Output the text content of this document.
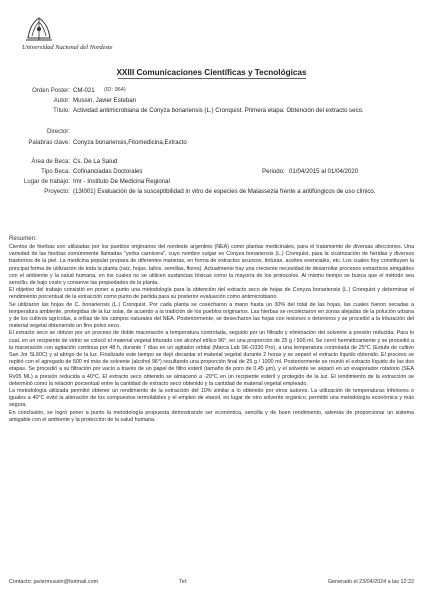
Universidad Nacional del Nordeste
XXIII Comunicaciones Científicas y Tecnológicas
Orden Poster: CM-021 (ID: 964)
Autor: Mussin, Javier Esteban
Título: Actividad antimicrobiana de Conyza bonariensis (L.) Cronquist. Primera etapa: Obtención del extracto seco.
Director:
Palabras clave: Conyza bonariensis,Fitomedicina,Extracto
Área de Beca: Cs. De La Salud
Tipo Beca: Cofinanciadas Doctorales	Periodo: 01/04/2015 al 01/04/2020
Lugar de trabajo: Imr - Instituto De Medicina Regional
Proyecto: (13I001) Evaluación de la susceptibilidad in vitro de especies de Malassezia frente a antifúngicos de uso clínico.
Resumen:

Cientos de hierbas son utilizadas por los pueblos originarios del nordeste argentino (NEA) como plantas medicinales, para el tratamiento de diversas afecciones. Una variedad de las hierbas comúnmente llamadas "yerba carnicera", cuyo nombre vulgar es Conyza bonariensis (L.) Cronquist, para la cicatrización de heridas y diversos trastornos de la piel. La medicina popular prepara de diferentes maneras, en forma de extractos acuosos, tinturas, aceites esenciales, etc. Los cuales hoy constituyen la principal forma de utilización de toda la planta (raíz, hojas, tallos, semillas, flores). Actualmente hay una creciente necesidad de desarrollar procesos extractivos amigables con el ambiente y la salud humana, en los cuales no se utilicen sustancias tóxicas como la mayoría de los protocolos. Al mismo tiempo se busca que el método sea sencillo, de bajo costo y conserve las propiedades de la planta.

El objetivo del trabajo consistió en poner a punto una metodología para la obtención del extracto seco de hojas de Conyza bonariensis (L.) Cronquist y determinar el rendimiento porcentual de la extracción como punto de partida para su posterior evaluación como antimicrobiano.

Se utilizaron las hojas de C. bonariensis (L.) Cronquist. Por cada planta se cosecharon a mano hasta un 30% del total de las hojas, las cuales fueron secadas a temperatura ambiente, protegidas de la luz solar, de acuerdo a la tradición de los pueblos originarios. Las hierbas se recolectaron en zonas alejadas de la polución urbana y de los cultivos agrícolas, a orillas de los campos naturales del NEA. Posteriormente, se desecharon las hojas con lesiones o deterioros y se procedió a la trituración del material vegetal obteniendo un fino polvo seco.

El extracto seco se obtuvo por un proceso de doble maceración a temperatura controlada, seguido por un filtrado y eliminación del solvente a presión reducida. Para lo cual, en un recipiente de vidrio se colocó el material vegetal triturado con alcohol etílico 96°, en una proporción de 25 g / 500 ml. Se cerró herméticamente y se procedió a la maceración con agitación continua por 48 h, durante 7 días en un agitador orbital (Marca Lab SK-O330 Pro), a una temperatura controlada de 25°C (Estufa de cultivo San Jor SL60C) y al abrigo de la luz. Finalizado este tiempo se dejó decantar el material vegetal durante 2 horas y se separó el extracto líquido obtenido. El proceso se repitió con el agregado de 500 ml más de solvente (alcohol 96°) resultando una proporción final de 25 g / 1000 ml. Posteriormente se reunió el extracto líquido de las dos etapas. Se procedió a su filtración por vacío a través de un papel de filtro estéril (tamaño de poro de 0,45 µm), y el solvente se separó en un evaporador rotatorio (SEA Rv05 ML) a presión reducida a 40°C. El extracto seco obtenido se almacenó a -20°C en un recipiente estéril y protegido de la luz. El rendimiento de la extracción se determinó como la relación porcentual entre la cantidad de extracto seco obtenido y la cantidad de material vegetal empleado.

La metodología utilizada permitió obtener un rendimiento de la extracción del 10% similar a lo obtenido por otros autores. La utilización de temperaturas inferiores o iguales a 40°C evitó la alteración de los compuestos termolábiles y el empleo de etanol, en lugar de otro solvente orgánico, permitió una metodología económica y más segura.

En conclusión, se logró poner a punto la metodología propuesta demostrando ser económica, sencilla y de buen rendimiento, además de proporcionar un sistema amigable con el ambiente y la protección de la salud humana.

Contacto: javiermussin@hotmail.com	Tel:	Generado el 23/04/2024 a las 12:22
